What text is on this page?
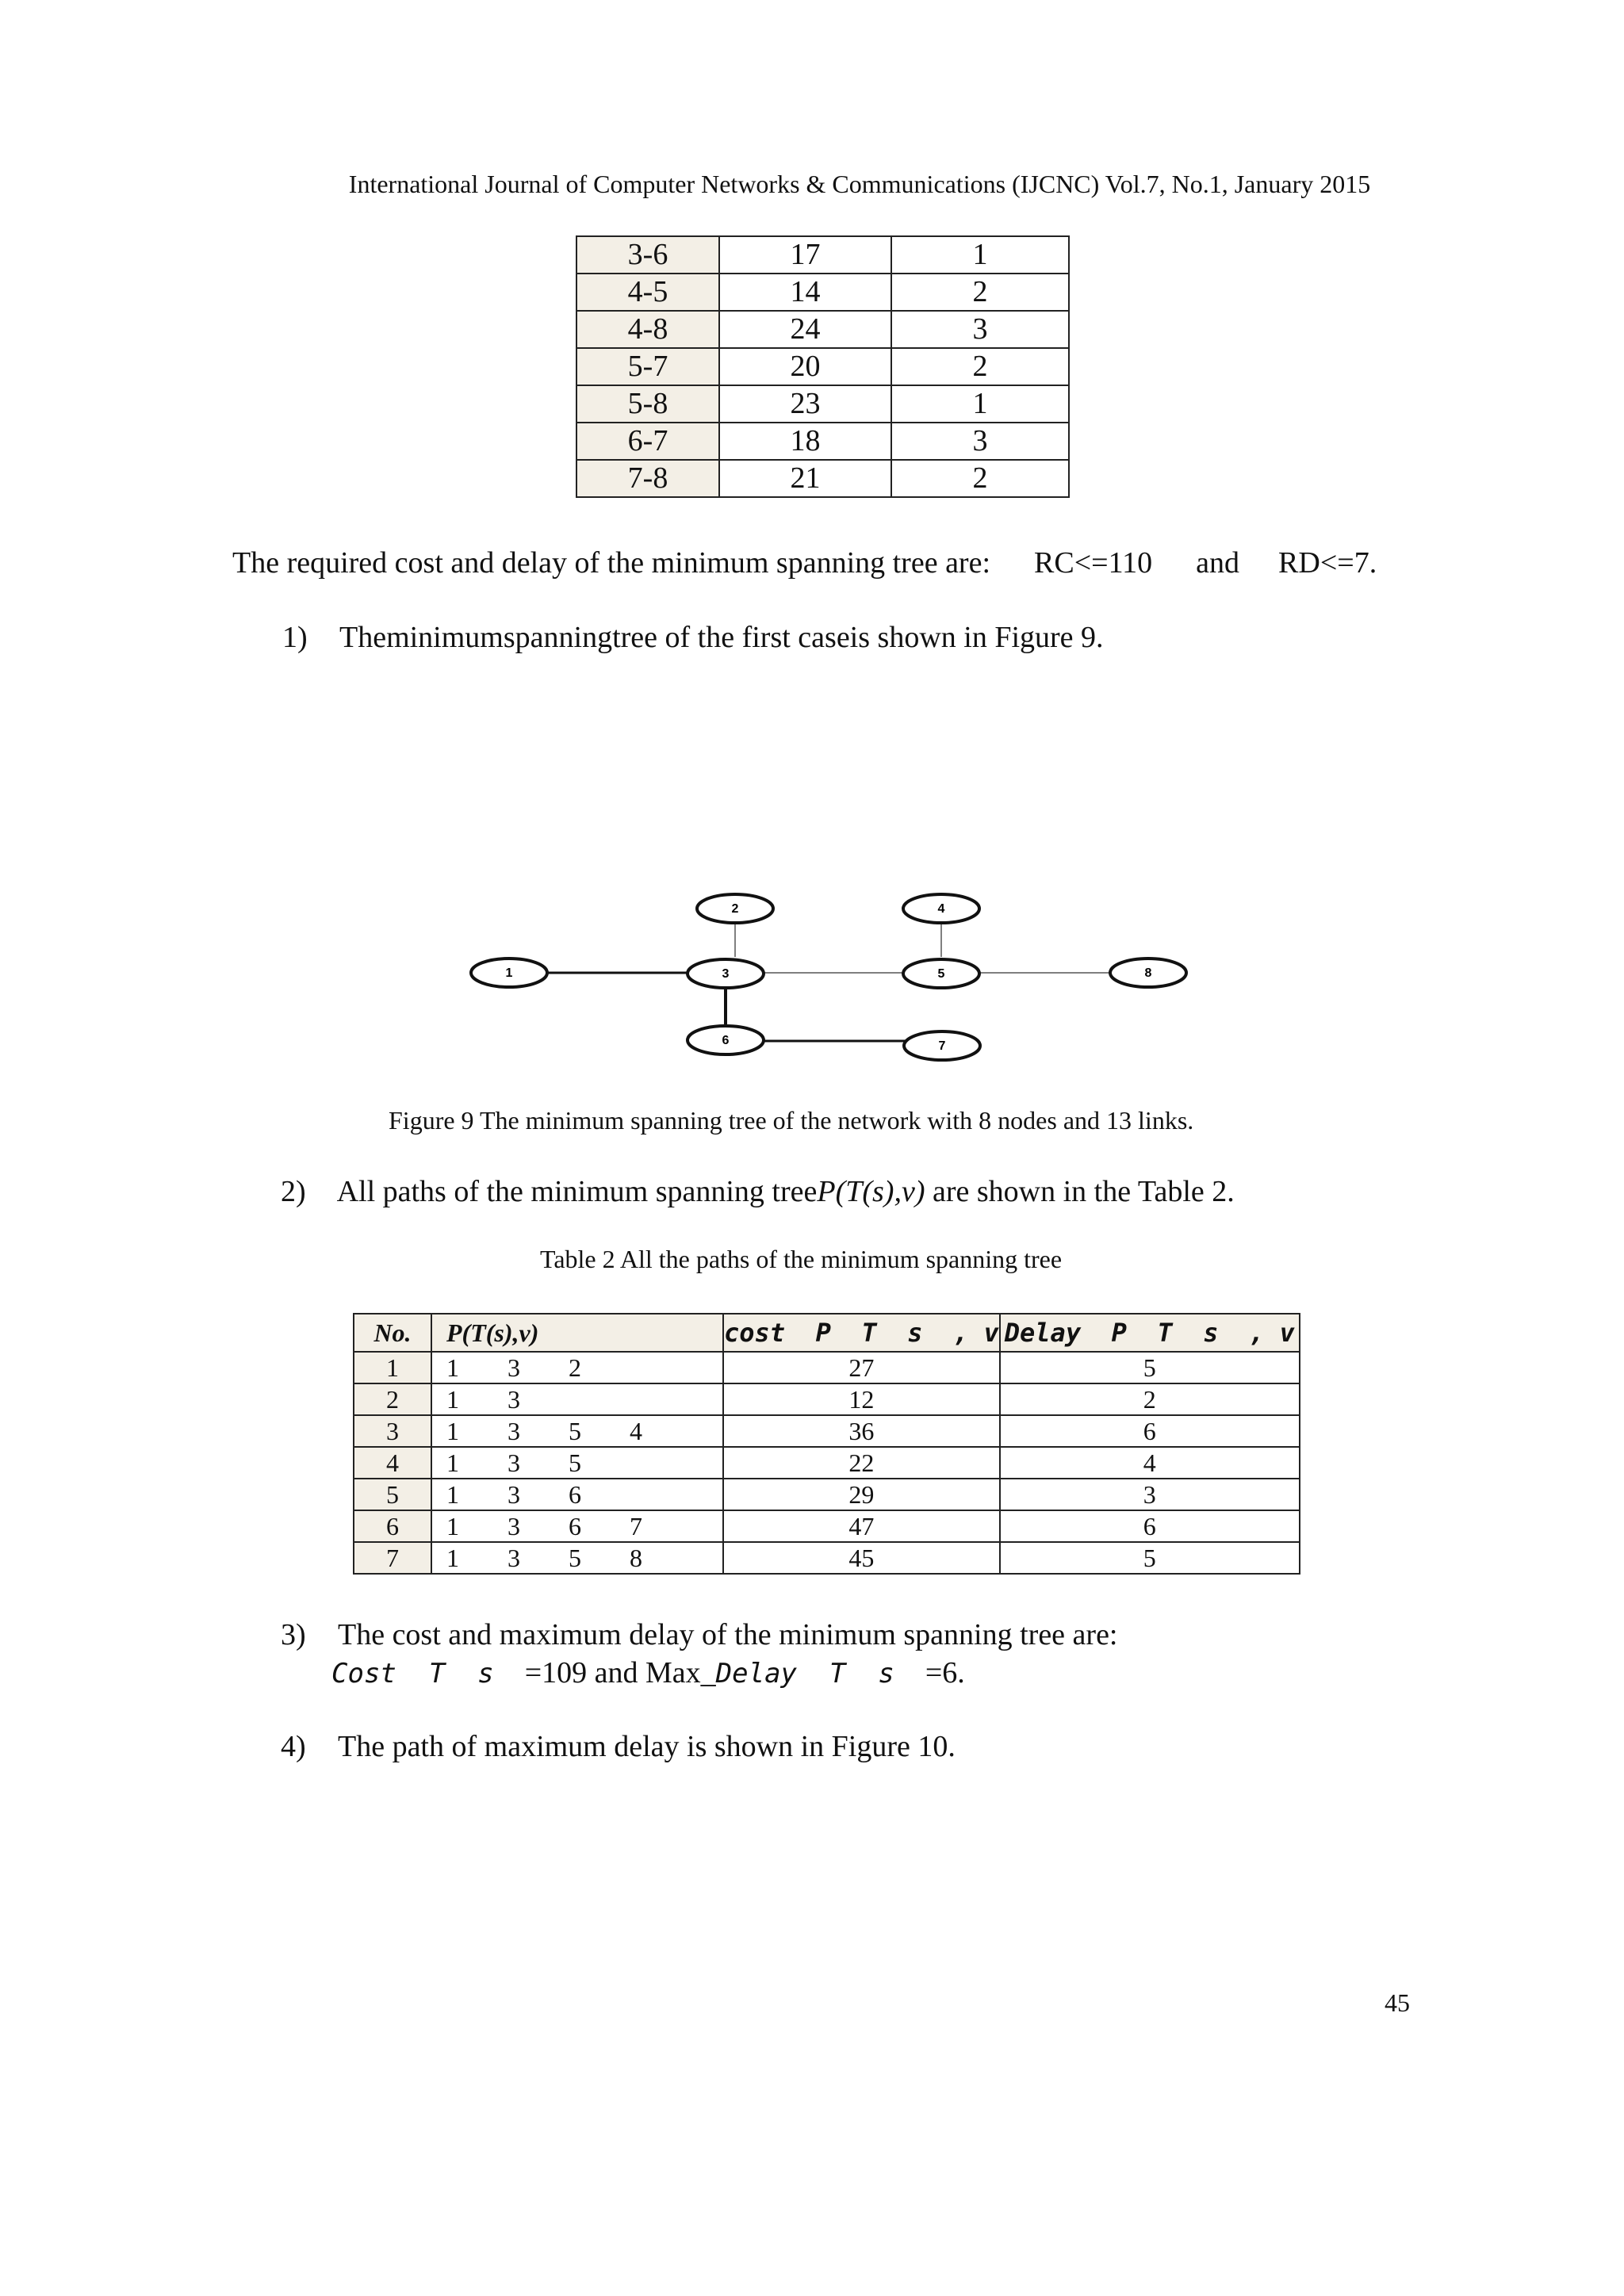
International Journal of Computer Networks & Communications (IJCNC) Vol.7, No.1, January 2015
3-6	17	1
4-5	14	2
4-8	24	3
5-7	20	2
5-8	23	1
6-7	18	3
7-8	21	2
The required cost and delay of the minimum spanning tree are: RC<=110 and RD<=7.
1) Theminimumspanningtree of the first caseis shown in Figure 9.
1
2
3
4
5
6	7
8
Figure 9 The minimum spanning tree of the network with 8 nodes and 13 links.
2) All paths of the minimum spanning treeP(T(s),v) are shown in the Table 2.
Table 2 All the paths of the minimum spanning tree
No.	P(T(s),v)	cost  P  T  s  , v	Delay  P  T  s  , v
1	1 3 2	27	5
2	1 3	12	2
3	1 3 5 4	36	6
4	1 3 5	22	4
5	1 3 6	29	3
6	1 3 6 7	47	6
7	1 3 5 8	45	5
3) The cost and maximum delay of the minimum spanning tree are:
Cost  T  s =109 and Max_Delay  T  s =6.
4) The path of maximum delay is shown in Figure 10.
45
